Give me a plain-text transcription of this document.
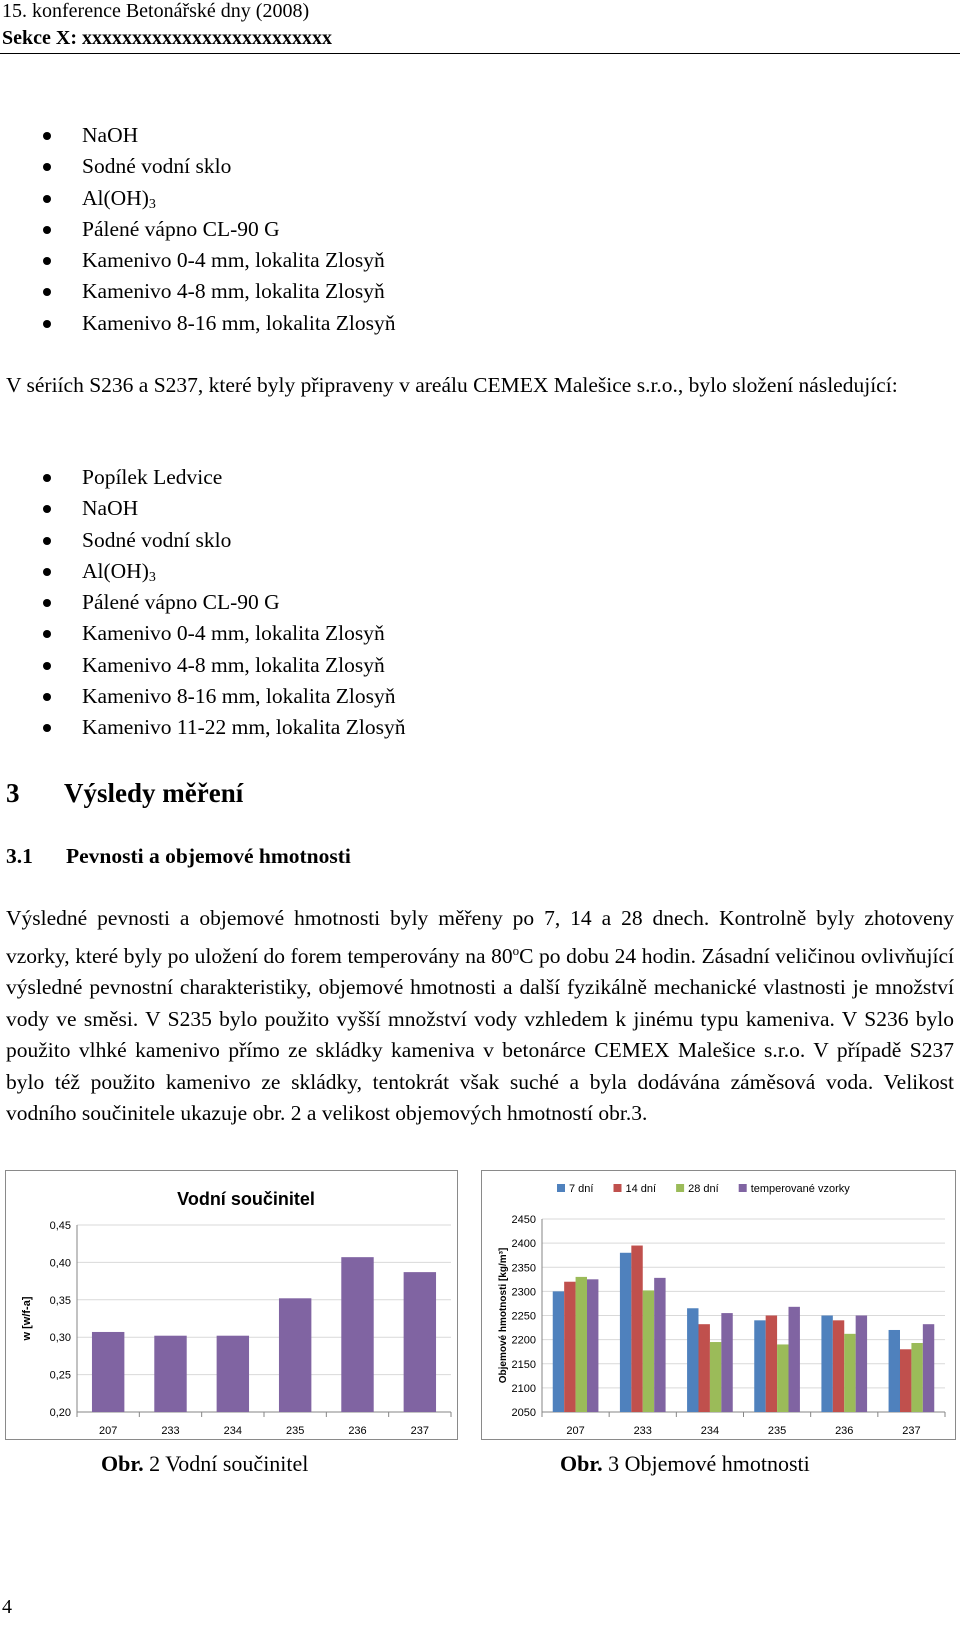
15. konference Betonářské dny (2008)
Sekce X: xxxxxxxxxxxxxxxxxxxxxxxxx
NaOH
Sodné vodní sklo
$Al(OH)_3$
Pálené vápno CL-90 G
Kamenivo 0-4 mm, lokalita Zlosyň
Kamenivo 4-8 mm, lokalita Zlosyň
Kamenivo 8-16 mm, lokalita Zlosyň
V sériích S236 a S237, které byly připraveny v areálu CEMEX Malešice s.r.o., bylo složení následující:
Popílek Ledvice
NaOH
Sodné vodní sklo
$Al(OH)_3$
Pálené vápno CL-90 G
Kamenivo 0-4 mm, lokalita Zlosyň
Kamenivo 4-8 mm, lokalita Zlosyň
Kamenivo 8-16 mm, lokalita Zlosyň
Kamenivo 11-22 mm, lokalita Zlosyň
3 Výsledy měření
3.1 Pevnosti a objemové hmotnosti
Výsledné pevnosti a objemové hmotnosti byly měřeny po 7, 14 a 28 dnech. Kontrolně byly zhotoveny vzorky, které byly po uložení do forem temperovány na 80$^o$C po dobu 24 hodin. Zásadní veličinou ovlivňující výsledné pevnostní charakteristiky, objemové hmotnosti a další fyzikálně mechanické vlastnosti je množství vody ve směsi. V S235 bylo použito vyšší množství vody vzhledem k jinému typu kameniva. V S236 bylo použito vlhké kamenivo přímo ze skládky kameniva v betonárce CEMEX Malešice s.r.o. V případě S237 bylo též použito kamenivo ze skládky, tentokrát však suché a byla dodávána záměsová voda. Velikost vodního součinitele ukazuje obr. 2 a velikost objemových hmotností obr.3.
0,20
0,25
0,30
0,35
0,40
0,45
207	233	234	235	236	237
w [w/f-a]
Vodní součinitel
2050
2100
2150
2200
2250
2300
2350
2400
2450
207	233	234	235	236	237
Objemové hmotnosti [kg/m³]
7 dní	14 dní	28 dní	temperované vzorky
Obr. 2 Vodní součinitel	Obr. 3 Objemové hmotnosti
4
